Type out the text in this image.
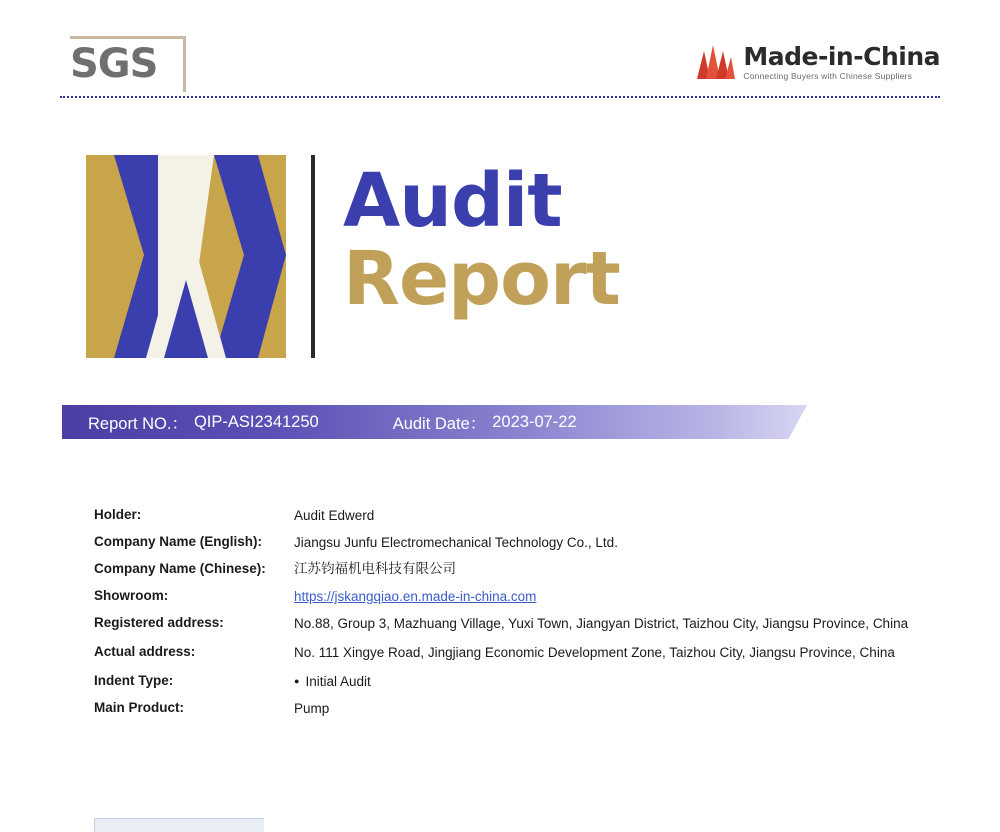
SGS	Made-in-China
Connecting Buyers with Chinese Suppliers
Audit
Report
Report NO.： QIP-ASI2341250	Audit Date： 2023-07-22
Holder:	Audit Edwerd
Company Name (English):	Jiangsu Junfu Electromechanical Technology Co., Ltd.
Company Name (Chinese):	江苏钧福机电科技有限公司
Showroom:	https://jskangqiao.en.made-in-china.com
Registered address:	No.88, Group 3, Mazhuang Village, Yuxi Town, Jiangyan District, Taizhou City, Jiangsu Province, China
Actual address:	No. 111 Xingye Road, Jingjiang Economic Development Zone, Taizhou City, Jiangsu Province, China
Indent Type:	● Initial Audit
Main Product:	Pump
